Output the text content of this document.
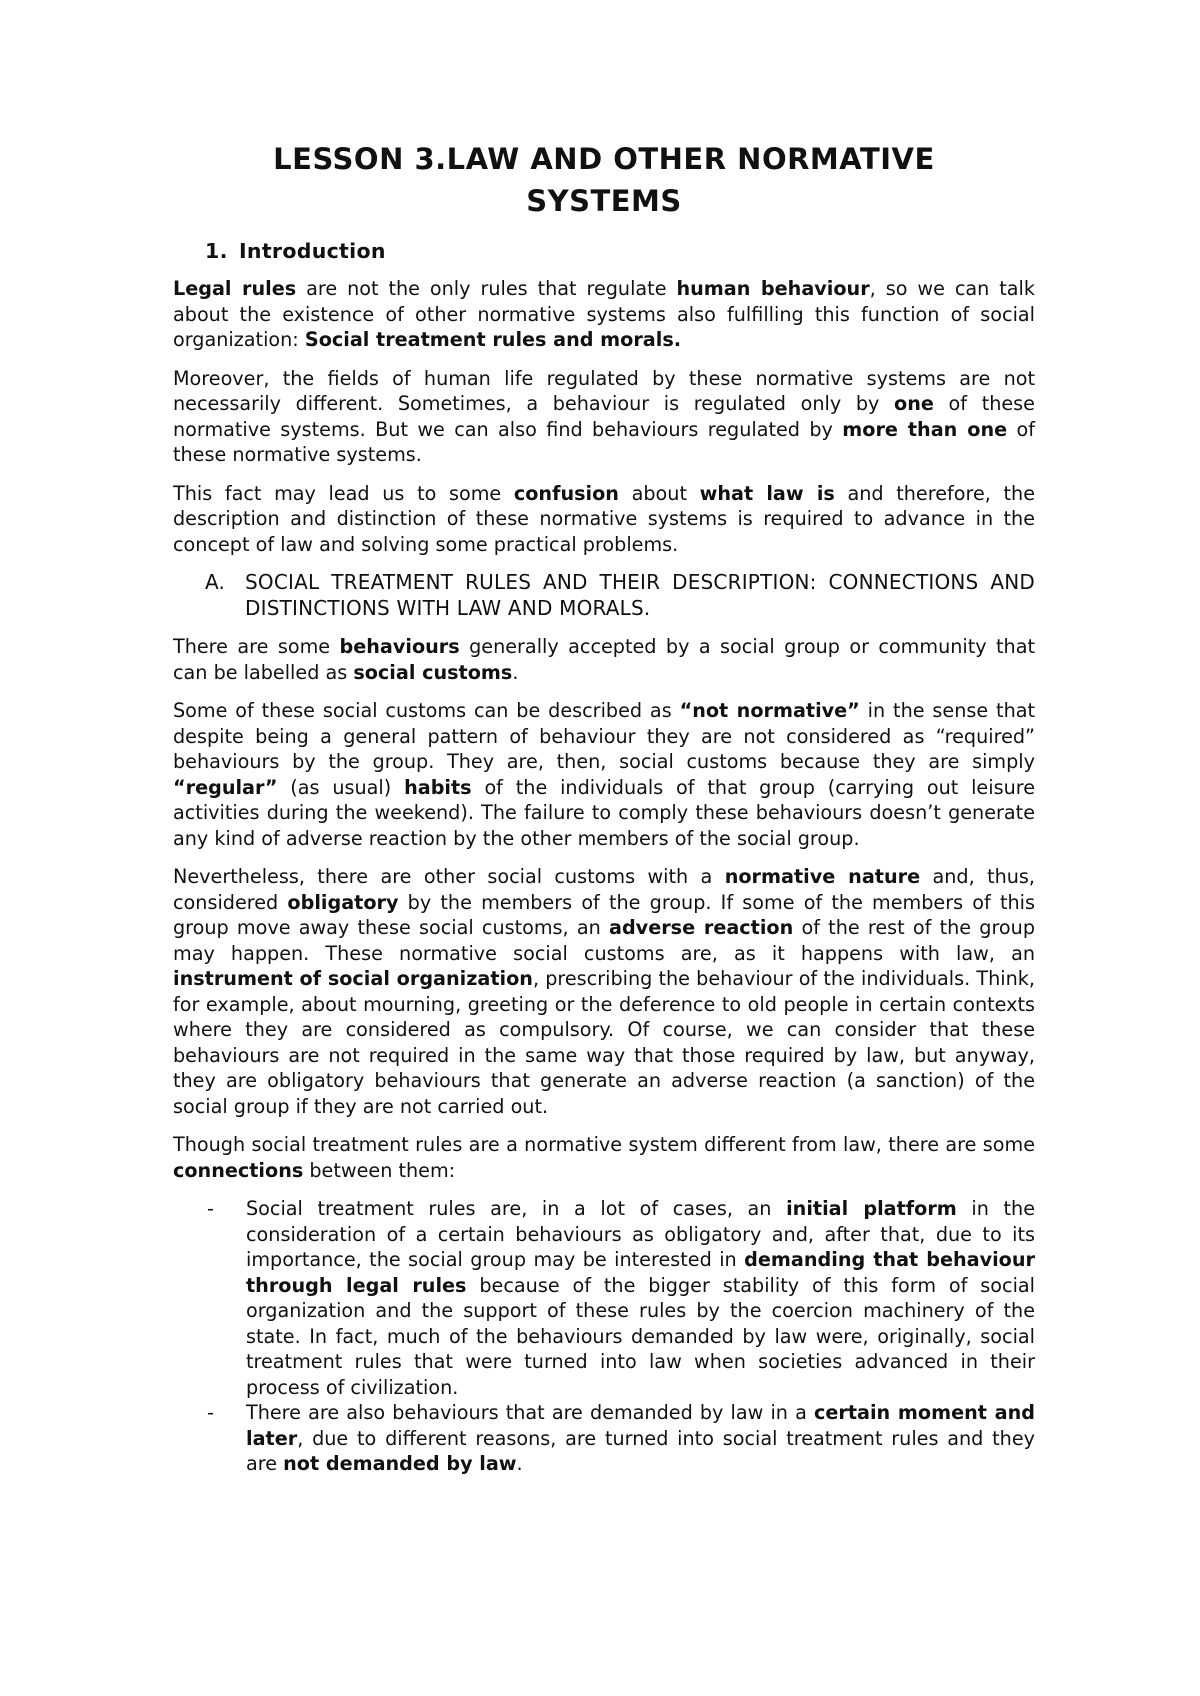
LESSON 3.LAW AND OTHER NORMATIVE
SYSTEMS
1. Introduction

Legal rules are not the only rules that regulate human behaviour, so we can talk about the existence of other normative systems also fulfilling this function of social organization: Social treatment rules and morals.

Moreover, the fields of human life regulated by these normative systems are not necessarily different. Sometimes, a behaviour is regulated only by one of these normative systems. But we can also find behaviours regulated by more than one of these normative systems.

This fact may lead us to some confusion about what law is and therefore, the description and distinction of these normative systems is required to advance in the concept of law and solving some practical problems.

A. SOCIAL TREATMENT RULES AND THEIR DESCRIPTION: CONNECTIONS AND DISTINCTIONS WITH LAW AND MORALS.

There are some behaviours generally accepted by a social group or community that can be labelled as social customs.

Some of these social customs can be described as “not normative” in the sense that despite being a general pattern of behaviour they are not considered as “required” behaviours by the group. They are, then, social customs because they are simply “regular” (as usual) habits of the individuals of that group (carrying out leisure activities during the weekend). The failure to comply these behaviours doesn’t generate any kind of adverse reaction by the other members of the social group.

Nevertheless, there are other social customs with a normative nature and, thus, considered obligatory by the members of the group. If some of the members of this group move away these social customs, an adverse reaction of the rest of the group may happen. These normative social customs are, as it happens with law, an instrument of social organization, prescribing the behaviour of the individuals. Think, for example, about mourning, greeting or the deference to old people in certain contexts where they are considered as compulsory. Of course, we can consider that these behaviours are not required in the same way that those required by law, but anyway, they are obligatory behaviours that generate an adverse reaction (a sanction) of the social group if they are not carried out.

Though social treatment rules are a normative system different from law, there are some connections between them:

-	Social treatment rules are, in a lot of cases, an initial platform in the consideration of a certain behaviours as obligatory and, after that, due to its importance, the social group may be interested in demanding that behaviour through legal rules because of the bigger stability of this form of social organization and the support of these rules by the coercion machinery of the state. In fact, much of the behaviours demanded by law were, originally, social treatment rules that were turned into law when societies advanced in their process of civilization.
-	There are also behaviours that are demanded by law in a certain moment and later, due to different reasons, are turned into social treatment rules and they are not demanded by law.
